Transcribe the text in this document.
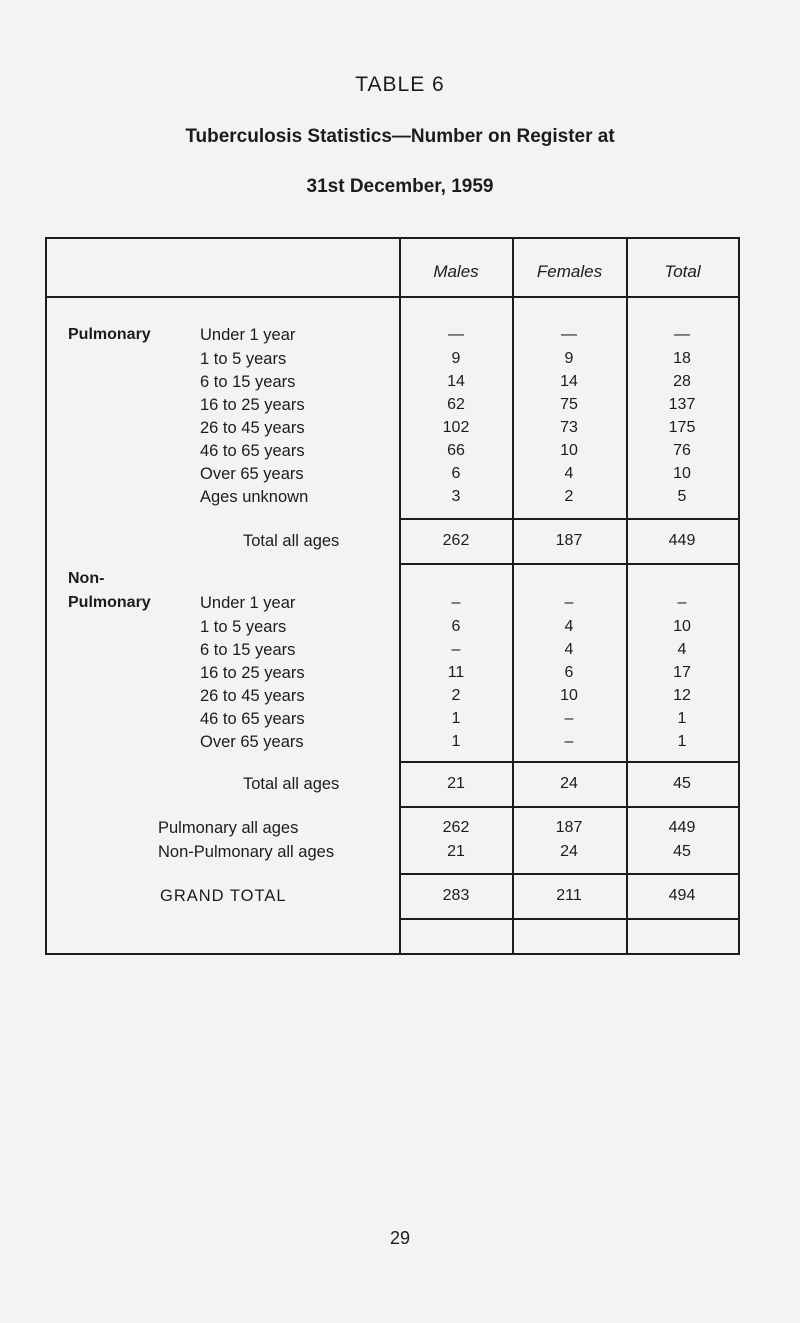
TABLE 6
Tuberculosis Statistics—Number on Register at
31st December, 1959
Males	Females	Total
Pulmonary	Under 1 year	—	—	—
1 to 5 years	9	9	18
6 to 15 years	14	14	28
16 to 25 years	62	75	137
26 to 45 years	102	73	175
46 to 65 years	66	10	76
Over 65 years	6	4	10
Ages unknown	3	2	5
Total all ages	262	187	449
Non-
Pulmonary	Under 1 year	–	–	–
1 to 5 years	6	4	10
6 to 15 years	–	4	4
16 to 25 years	11	6	17
26 to 45 years	2	10	12
46 to 65 years	1	–	1
Over 65 years	1	–	1
Total all ages	21	24	45
Pulmonary all ages	262	187	449
Non-Pulmonary all ages	21	24	45
GRAND TOTAL	283	211	494
29
